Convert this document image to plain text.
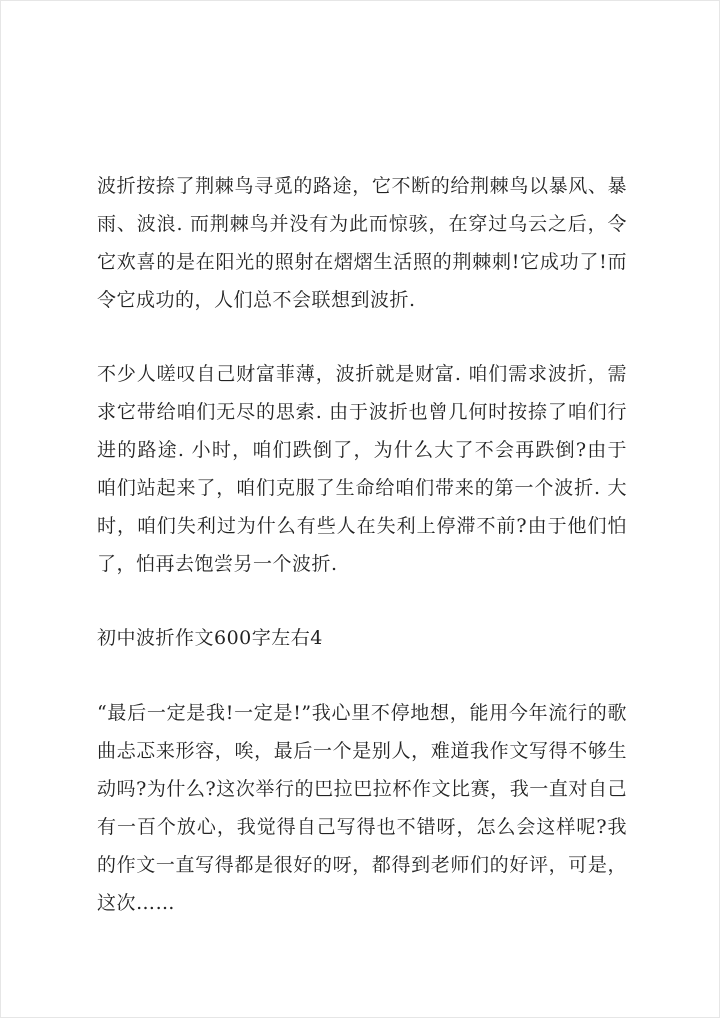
波折按捺了荆棘鸟寻觅的路途，它不断的给荆棘鸟以暴风、暴雨、波浪. 而荆棘鸟并没有为此而惊骇，在穿过乌云之后，令它欢喜的是在阳光的照射在熠熠生活照的荆棘刺!它成功了!而令它成功的，人们总不会联想到波折.

不少人嗟叹自己财富菲薄，波折就是财富. 咱们需求波折，需求它带给咱们无尽的思索. 由于波折也曾几何时按捺了咱们行进的路途. 小时，咱们跌倒了，为什么大了不会再跌倒?由于咱们站起来了，咱们克服了生命给咱们带来的第一个波折. 大时，咱们失利过为什么有些人在失利上停滞不前?由于他们怕了，怕再去饱尝另一个波折.

初中波折作文600字左右4

“最后一定是我!一定是!”我心里不停地想，能用今年流行的歌曲忐忑来形容，唉，最后一个是别人，难道我作文写得不够生动吗?为什么?这次举行的巴拉巴拉杯作文比赛，我一直对自己有一百个放心，我觉得自己写得也不错呀，怎么会这样呢?我的作文一直写得都是很好的呀，都得到老师们的好评，可是，这次……
